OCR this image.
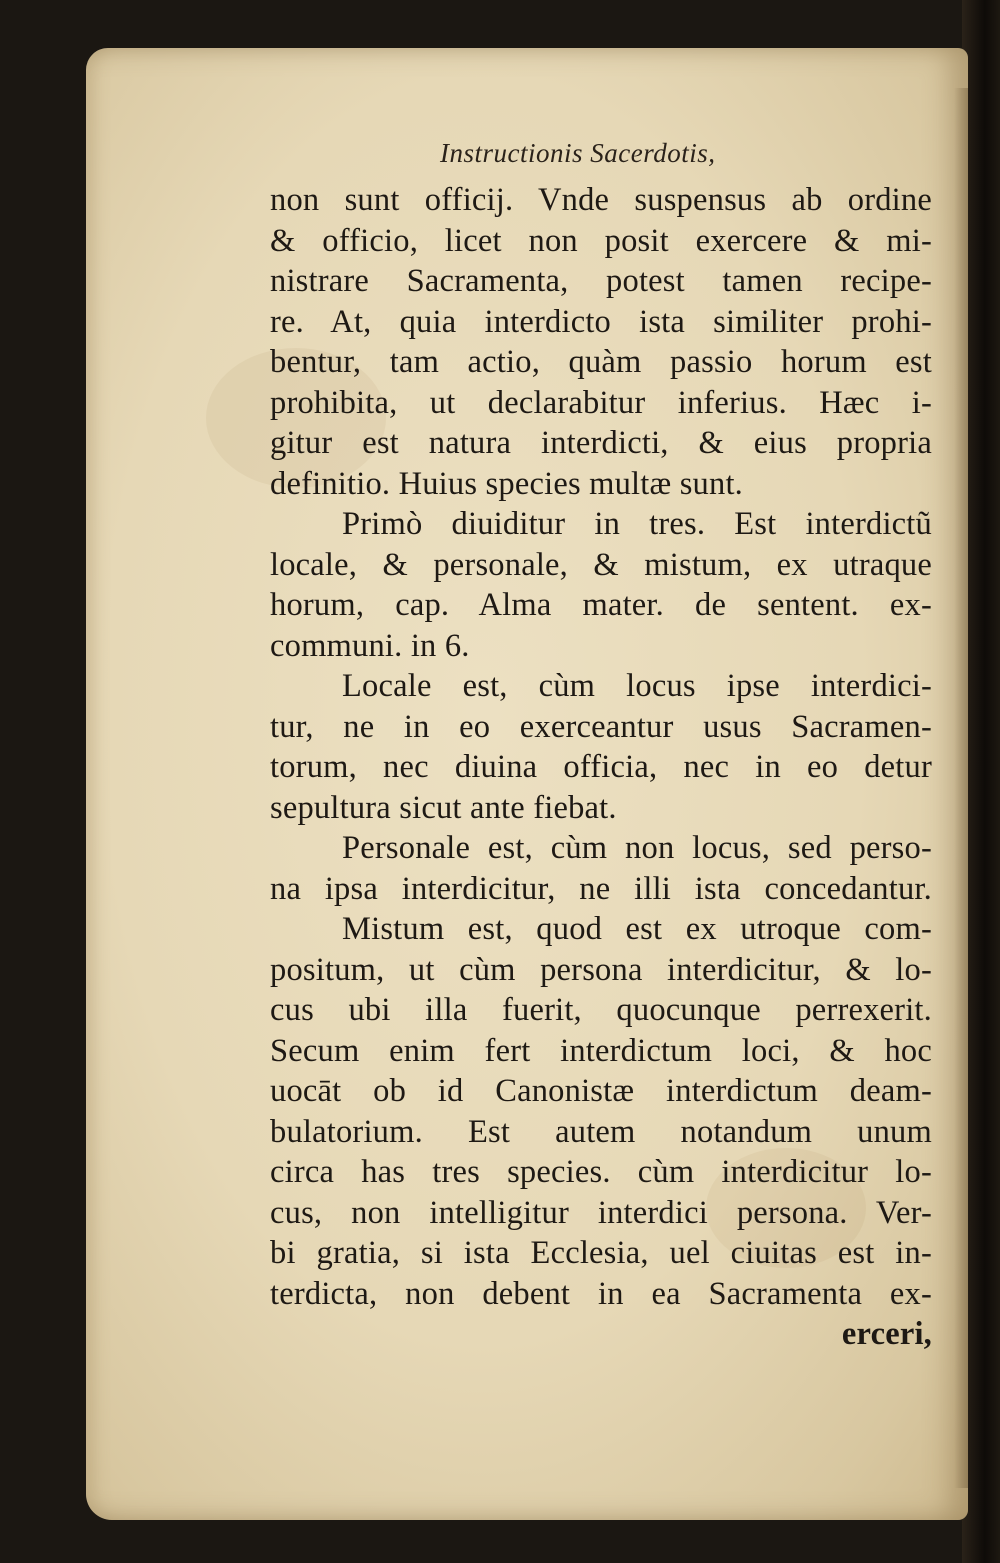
Instructionis Sacerdotis,
non sunt officij. Vnde suspensus ab ordine
& officio, licet non posit exercere & mi-
nistrare Sacramenta, potest tamen recipe-
re. At, quia interdicto ista similiter prohi-
bentur, tam actio, quàm passio horum est
prohibita, ut declarabitur inferius. Hæc i-
gitur est natura interdicti, & eius propria
definitio. Huius species multæ sunt.
Primò diuiditur in tres. Est interdictũ
locale, & personale, & mistum, ex utraque
horum, cap. Alma mater. de sentent. ex-
communi. in 6.
Locale est, cùm locus ipse interdici-
tur, ne in eo exerceantur usus Sacramen-
torum, nec diuina officia, nec in eo detur
sepultura sicut ante fiebat.
Personale est, cùm non locus, sed perso-
na ipsa interdicitur, ne illi ista concedantur.
Mistum est, quod est ex utroque com-
positum, ut cùm persona interdicitur, & lo-
cus ubi illa fuerit, quocunque perrexerit.
Secum enim fert interdictum loci, & hoc
uocāt ob id Canonistæ interdictum deam-
bulatorium. Est autem notandum unum
circa has tres species. cùm interdicitur lo-
cus, non intelligitur interdici persona. Ver-
bi gratia, si ista Ecclesia, uel ciuitas est in-
terdicta, non debent in ea Sacramenta ex-
erceri,
